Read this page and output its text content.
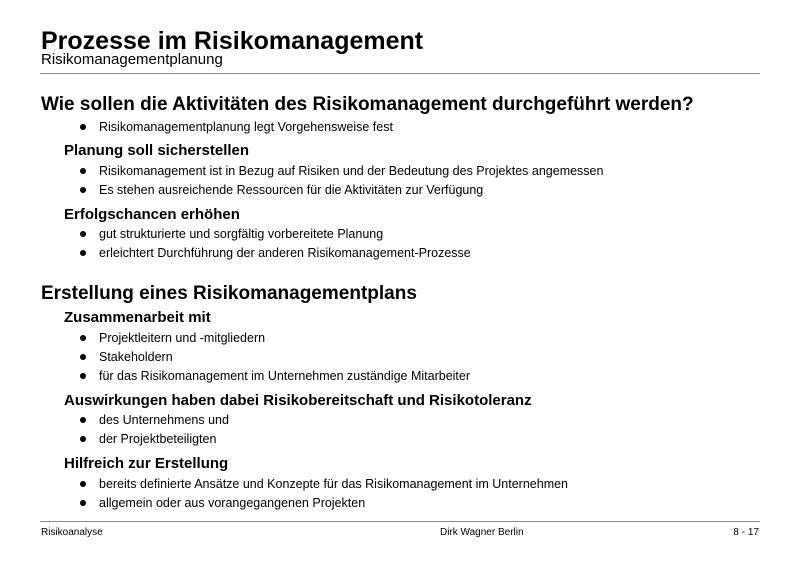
Prozesse im Risikomanagement
Risikomanagementplanung
Wie sollen die Aktivitäten des Risikomanagement durchgeführt werden?
Risikomanagementplanung legt Vorgehensweise fest
Planung soll sicherstellen
Risikomanagement ist in Bezug auf Risiken und der Bedeutung des Projektes angemessen
Es stehen ausreichende Ressourcen für die Aktivitäten zur Verfügung
Erfolgschancen erhöhen
gut strukturierte und sorgfältig vorbereitete Planung
erleichtert Durchführung der anderen Risikomanagement-Prozesse
Erstellung eines Risikomanagementplans
Zusammenarbeit mit
Projektleitern und -mitgliedern
Stakeholdern
für das Risikomanagement im Unternehmen zuständige Mitarbeiter
Auswirkungen haben dabei Risikobereitschaft und Risikotoleranz
des Unternehmens und
der Projektbeteiligten
Hilfreich zur Erstellung
bereits definierte Ansätze und Konzepte für das Risikomanagement im Unternehmen
allgemein oder aus vorangegangenen Projekten
Risikoanalyse	Dirk Wagner Berlin	8 - 17
